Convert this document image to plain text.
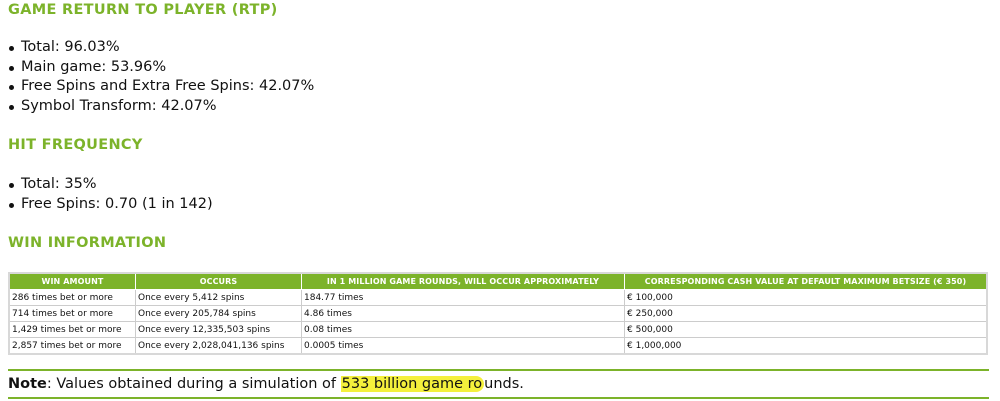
GAME RETURN TO PLAYER (RTP)
Total: 96.03%
Main game: 53.96%
Free Spins and Extra Free Spins: 42.07%
Symbol Transform: 42.07%
HIT FREQUENCY
Total: 35%
Free Spins: 0.70 (1 in 142)
WIN INFORMATION
WIN AMOUNT	OCCURS	IN 1 MILLION GAME ROUNDS, WILL OCCUR APPROXIMATELY	CORRESPONDING CASH VALUE AT DEFAULT MAXIMUM BETSIZE (€ 350)
286 times bet or more	Once every 5,412 spins	184.77 times	€ 100,000
714 times bet or more	Once every 205,784 spins	4.86 times	€ 250,000
1,429 times bet or more	Once every 12,335,503 spins	0.08 times	€ 500,000
2,857 times bet or more	Once every 2,028,041,136 spins	0.0005 times	€ 1,000,000
Note: Values obtained during a simulation of 533 billion game ro unds.
